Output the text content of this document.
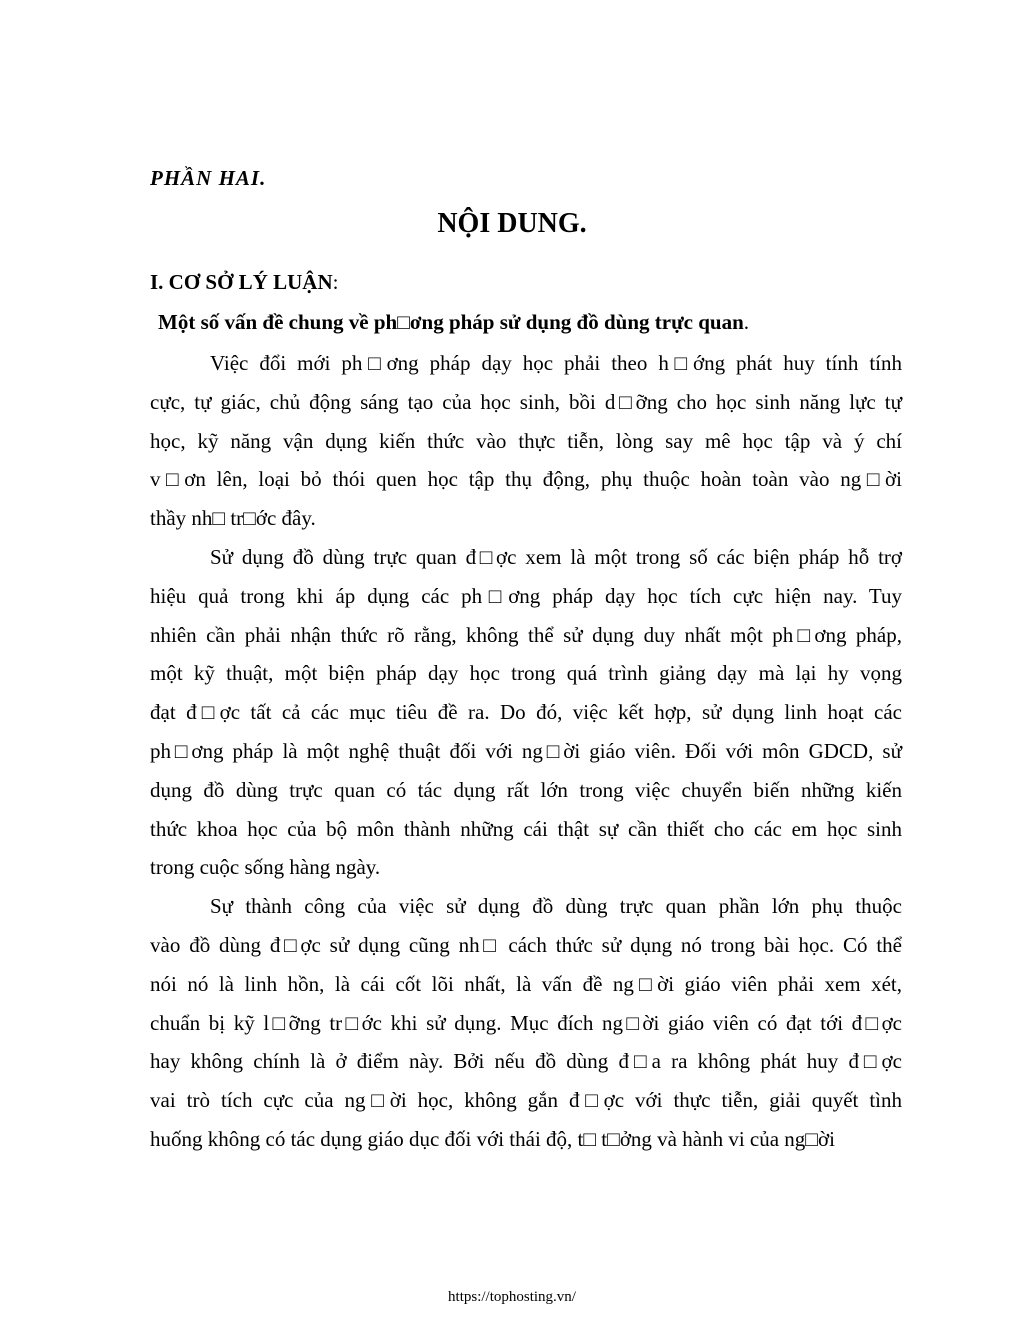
PHẦN HAI.
NỘI DUNG.
I. CƠ SỞ LÝ LUẬN:
Một số vấn đề chung về ph□ơng pháp sử dụng đồ dùng trực quan.
Việc đổi mới ph□ơng pháp dạy học phải theo h□ớng phát huy tính tính
cực, tự giác, chủ động sáng tạo của học sinh, bồi d□ỡng cho học sinh năng lực tự
học, kỹ năng vận dụng kiến thức vào thực tiễn, lòng say mê học tập và ý chí
v□ơn lên, loại bỏ thói quen học tập thụ động, phụ thuộc hoàn toàn vào ng□ời
thầy nh□ tr□ớc đây.
Sử dụng đồ dùng trực quan đ□ợc xem là một trong số các biện pháp hỗ trợ
hiệu quả trong khi áp dụng các ph□ơng pháp dạy học tích cực hiện nay. Tuy
nhiên cần phải nhận thức rõ rằng, không thể sử dụng duy nhất một ph□ơng pháp,
một kỹ thuật, một biện pháp dạy học trong quá trình giảng dạy mà lại hy vọng
đạt đ□ợc tất cả các mục tiêu đề ra. Do đó, việc kết hợp, sử dụng linh hoạt các
ph□ơng pháp là một nghệ thuật đối với ng□ời giáo viên. Đối với môn GDCD, sử
dụng đồ dùng trực quan có tác dụng rất lớn trong việc chuyển biến những kiến
thức khoa học của bộ môn thành những cái thật sự cần thiết cho các em học sinh
trong cuộc sống hàng ngày.
Sự thành công của việc sử dụng đồ dùng trực quan phần lớn phụ thuộc
vào đồ dùng đ□ợc sử dụng cũng nh□ cách thức sử dụng nó trong bài học. Có thể
nói nó là linh hồn, là cái cốt lõi nhất, là vấn đề ng□ời giáo viên phải xem xét,
chuẩn bị kỹ l□ỡng tr□ớc khi sử dụng. Mục đích ng□ời giáo viên có đạt tới đ□ợc
hay không chính là ở điểm này. Bởi nếu đồ dùng đ□a ra không phát huy đ□ợc
vai trò tích cực của ng□ời học, không gắn đ□ợc với thực tiễn, giải quyết tình
huống không có tác dụng giáo dục đối với thái độ, t□ t□ởng và hành vi của ng□ời
https://tophosting.vn/
